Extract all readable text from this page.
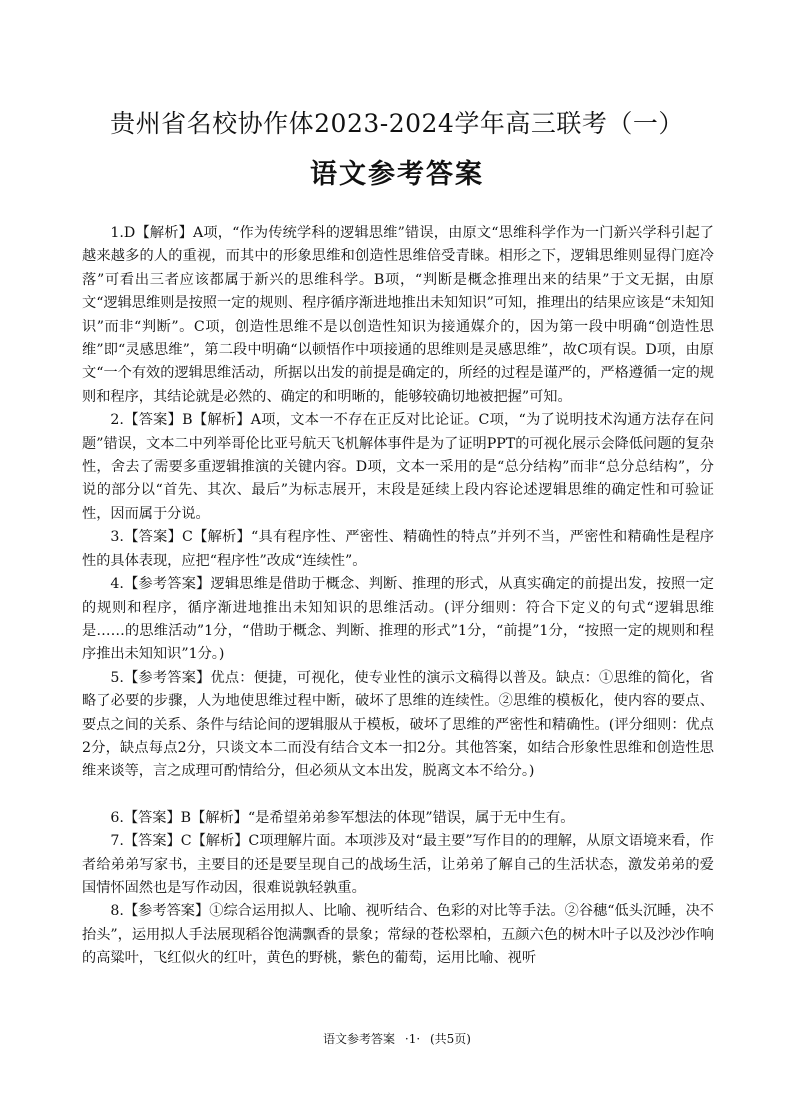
贵州省名校协作体2023-2024学年高三联考（一）
语文参考答案

1.D【解析】A项，“作为传统学科的逻辑思维”错误，由原文“思维科学作为一门新兴学科引起了越来越多的人的重视，而其中的形象思维和创造性思维倍受青睐。相形之下，逻辑思维则显得门庭冷落”可看出三者应该都属于新兴的思维科学。B项，“判断是概念推理出来的结果”于文无据，由原文“逻辑思维则是按照一定的规则、程序循序渐进地推出未知知识”可知，推理出的结果应该是“未知知识”而非“判断”。C项，创造性思维不是以创造性知识为接通媒介的，因为第一段中明确“创造性思维”即“灵感思维”，第二段中明确“以顿悟作中项接通的思维则是灵感思维”，故C项有误。D项，由原文“一个有效的逻辑思维活动，所据以出发的前提是确定的，所经的过程是谨严的，严格遵循一定的规则和程序，其结论就是必然的、确定的和明晰的，能够较确切地被把握”可知。

2.【答案】B【解析】A项，文本一不存在正反对比论证。C项，“为了说明技术沟通方法存在问题”错误，文本二中列举哥伦比亚号航天飞机解体事件是为了证明PPT的可视化展示会降低问题的复杂性，舍去了需要多重逻辑推演的关键内容。D项，文本一采用的是“总分结构”而非“总分总结构”，分说的部分以“首先、其次、最后”为标志展开，末段是延续上段内容论述逻辑思维的确定性和可验证性，因而属于分说。

3.【答案】C【解析】“具有程序性、严密性、精确性的特点”并列不当，严密性和精确性是程序性的具体表现，应把“程序性”改成“连续性”。

4.【参考答案】逻辑思维是借助于概念、判断、推理的形式，从真实确定的前提出发，按照一定的规则和程序，循序渐进地推出未知知识的思维活动。(评分细则：符合下定义的句式“逻辑思维是……的思维活动”1分，“借助于概念、判断、推理的形式”1分，“前提”1分，“按照一定的规则和程序推出未知知识”1分。)

5.【参考答案】优点：便捷，可视化，使专业性的演示文稿得以普及。缺点：①思维的简化，省略了必要的步骤，人为地使思维过程中断，破坏了思维的连续性。②思维的模板化，使内容的要点、要点之间的关系、条件与结论间的逻辑服从于模板，破坏了思维的严密性和精确性。(评分细则：优点2分，缺点每点2分，只谈文本二而没有结合文本一扣2分。其他答案，如结合形象性思维和创造性思维来谈等，言之成理可酌情给分，但必须从文本出发，脱离文本不给分。)

6.【答案】B【解析】“是希望弟弟参军想法的体现”错误，属于无中生有。

7.【答案】C【解析】C项理解片面。本项涉及对“最主要”写作目的的理解，从原文语境来看，作者给弟弟写家书，主要目的还是要呈现自己的战场生活，让弟弟了解自己的生活状态，激发弟弟的爱国情怀固然也是写作动因，很难说孰轻孰重。

8.【参考答案】①综合运用拟人、比喻、视听结合、色彩的对比等手法。②谷穗“低头沉睡，决不抬头”，运用拟人手法展现稻谷饱满飘香的景象；常绿的苍松翠柏，五颜六色的树木叶子以及沙沙作响的高粱叶，飞红似火的红叶，黄色的野桃，紫色的葡萄，运用比喻、视听

语文参考答案 ·1· (共5页)
